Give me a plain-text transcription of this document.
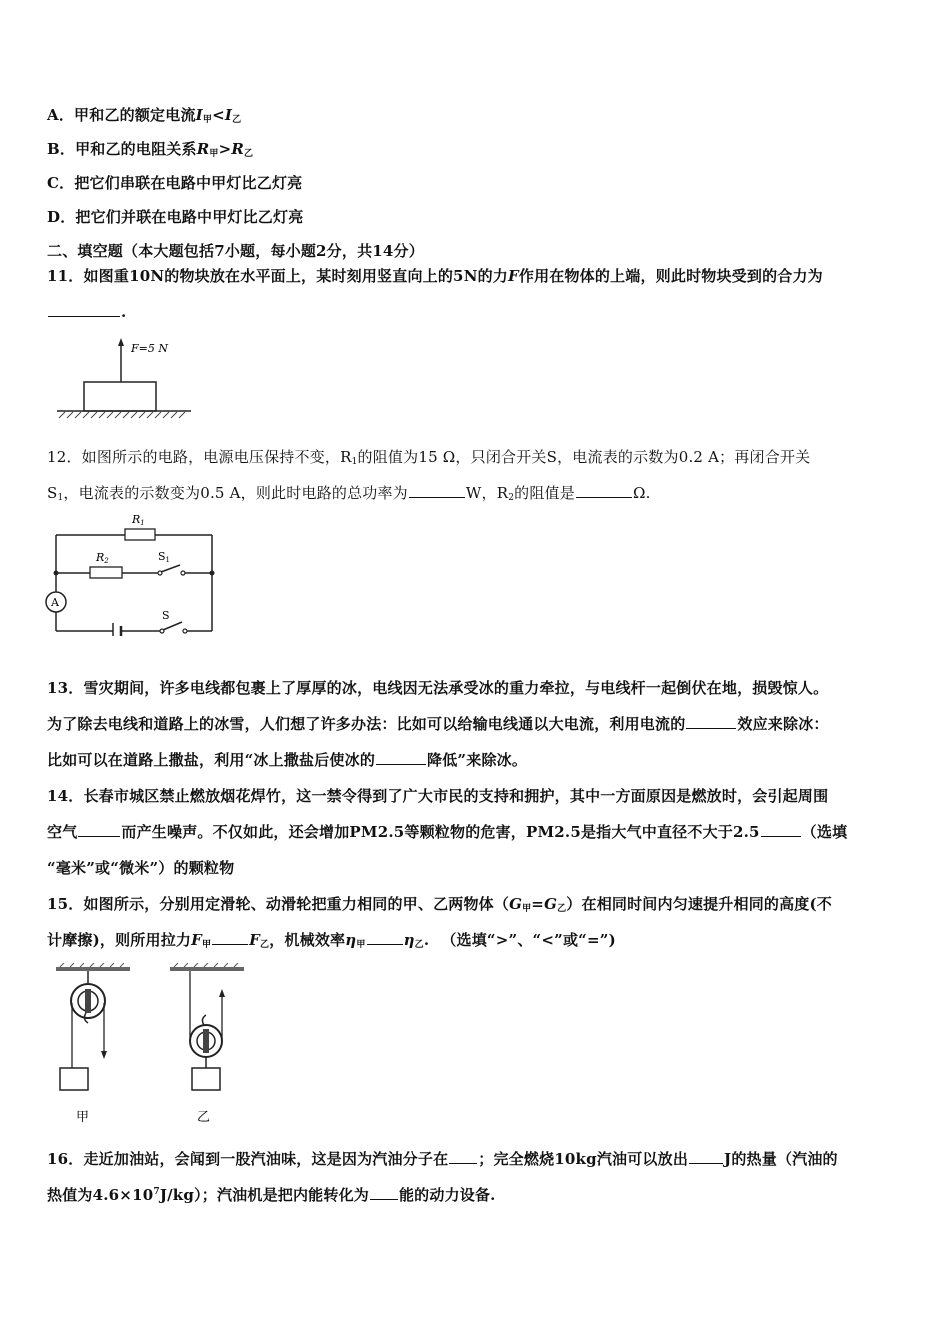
A．甲和乙的额定电流$I_甲<I_乙$
B．甲和乙的电阻关系$R_甲>R_乙$
C．把它们串联在电路中甲灯比乙灯亮
D．把它们并联在电路中甲灯比乙灯亮
二、填空题（本大题包括7小题，每小题2分，共14分）
11．如图重10N的物块放在水平面上，某时刻用竖直向上的5N的力F作用在物体的上端，则此时物块受到的合力为
.
F=5 N
12．如图所示的电路，电源电压保持不变，$R_1$的阻值为15 Ω，只闭合开关S，电流表的示数为0.2 A；再闭合开关
$S_1$，电流表的示数变为0.5 A，则此时电路的总功率为	W，$R_2$的阻值是	Ω.
R1
R2	S1
S
A
13．雪灾期间，许多电线都包裹上了厚厚的冰，电线因无法承受冰的重力牵拉，与电线杆一起倒伏在地，损毁惊人。
为了除去电线和道路上的冰雪，人们想了许多办法：比如可以给输电线通以大电流，利用电流的	效应来除冰：
比如可以在道路上撒盐，利用“冰上撒盐后使冰的	降低”来除冰。
14．长春市城区禁止燃放烟花焊竹，这一禁令得到了广大市民的支持和拥护，其中一方面原因是燃放时，会引起周围
空气	而产生噪声。不仅如此，还会增加PM2.5等颗粒物的危害，PM2.5是指大气中直径不大于2.5	（选填
“毫米”或“微米”）的颗粒物
15．如图所示，分别用定滑轮、动滑轮把重力相同的甲、乙两物体$(G_甲=G_乙)$在相同时间内匀速提升相同的高度(不
计摩擦)，则所用拉力$F_甲$	$F_乙$，机械效率$\eta_甲$	$\eta_乙$. （选填“>”、“<”或“=”)
甲	乙
16．走近加油站，会闻到一股汽油味，这是因为汽油分子在 ；完全燃烧10kg汽油可以放出 J的热量（汽油的
热值为$4.6\times 10^7J/kg$）；汽油机是把内能转化为 能的动力设备.
